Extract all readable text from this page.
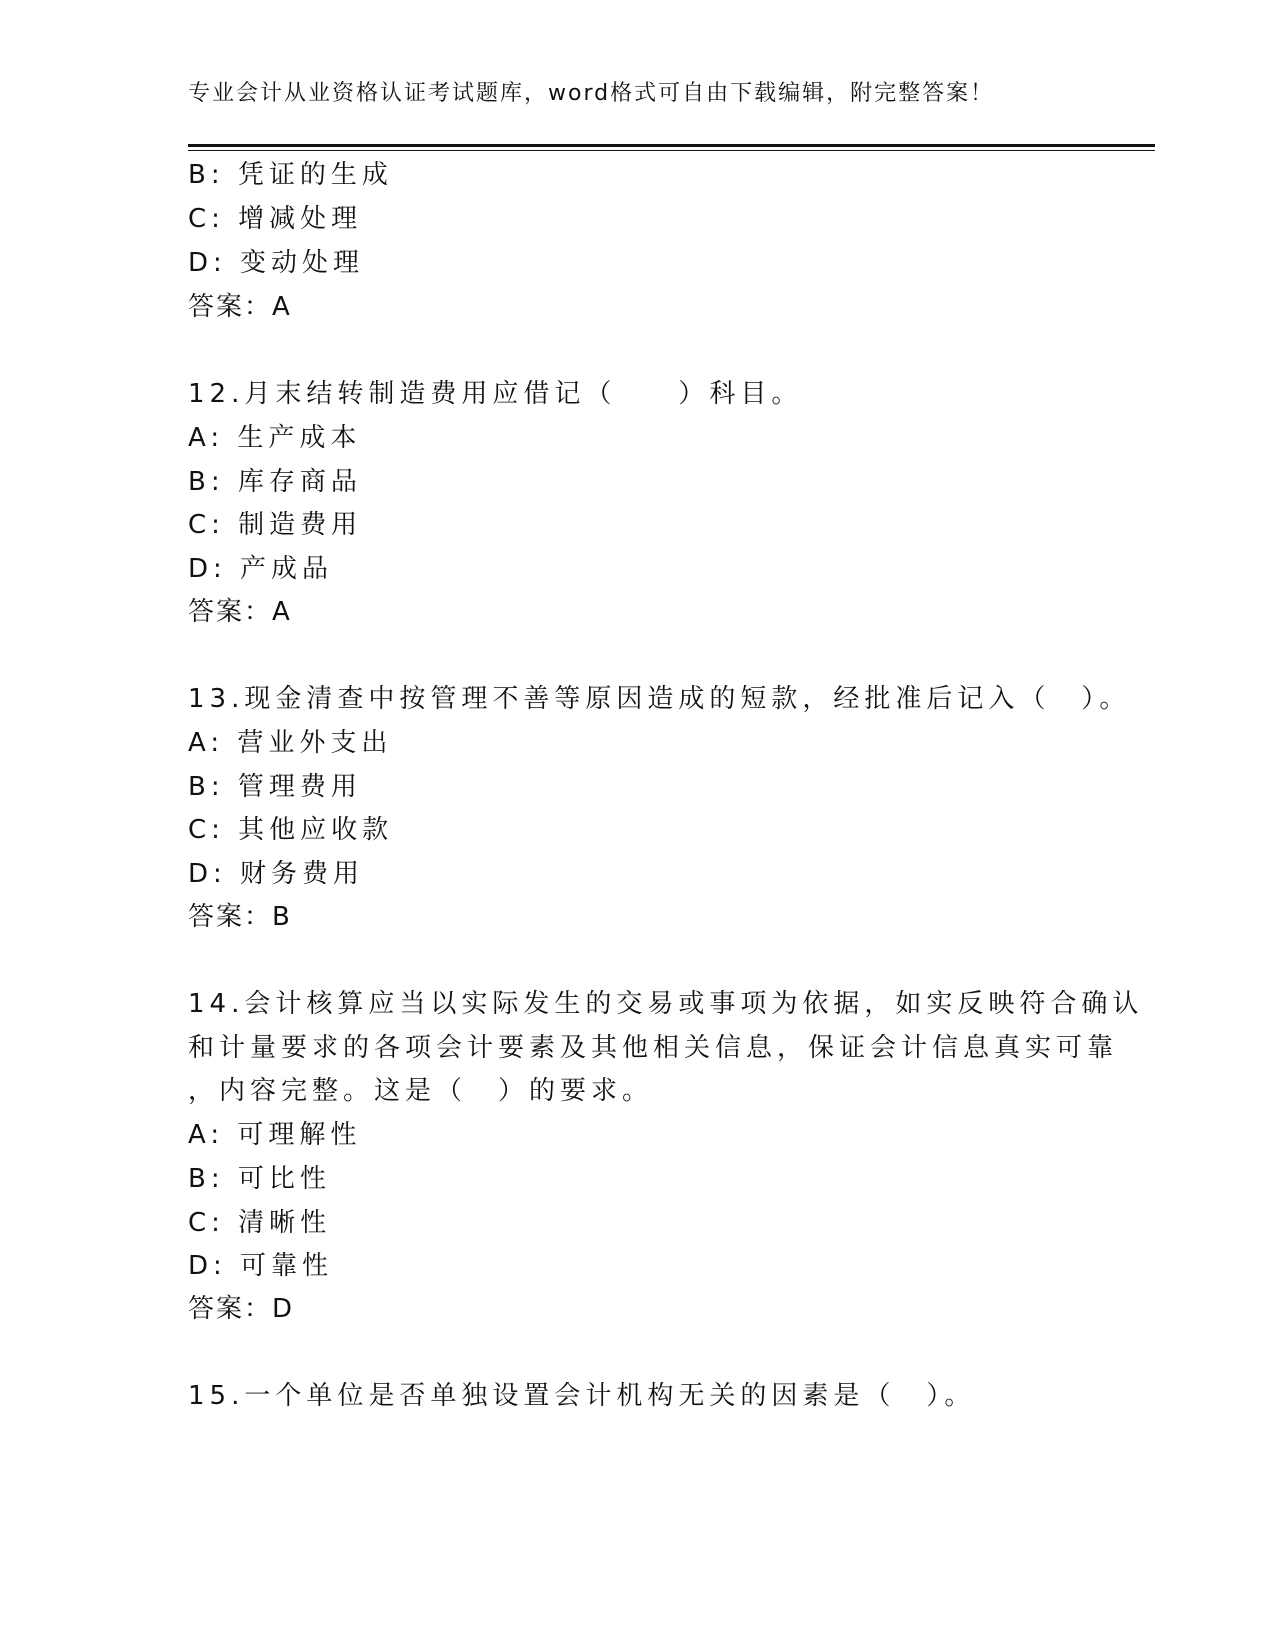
专业会计从业资格认证考试题库，word格式可自由下载编辑，附完整答案！
B: 凭证的生成
C: 增减处理
D: 变动处理
答案：A
12.月末结转制造费用应借记（　　）科目。
A: 生产成本
B: 库存商品
C: 制造费用
D: 产成品
答案：A
13.现金清查中按管理不善等原因造成的短款，经批准后记入（　）。
A: 营业外支出
B: 管理费用
C: 其他应收款
D: 财务费用
答案：B
14.会计核算应当以实际发生的交易或事项为依据，如实反映符合确认
和计量要求的各项会计要素及其他相关信息，保证会计信息真实可靠
，内容完整。这是（　）的要求。
A: 可理解性
B: 可比性
C: 清晰性
D: 可靠性
答案：D
15.一个单位是否单独设置会计机构无关的因素是（　）。
